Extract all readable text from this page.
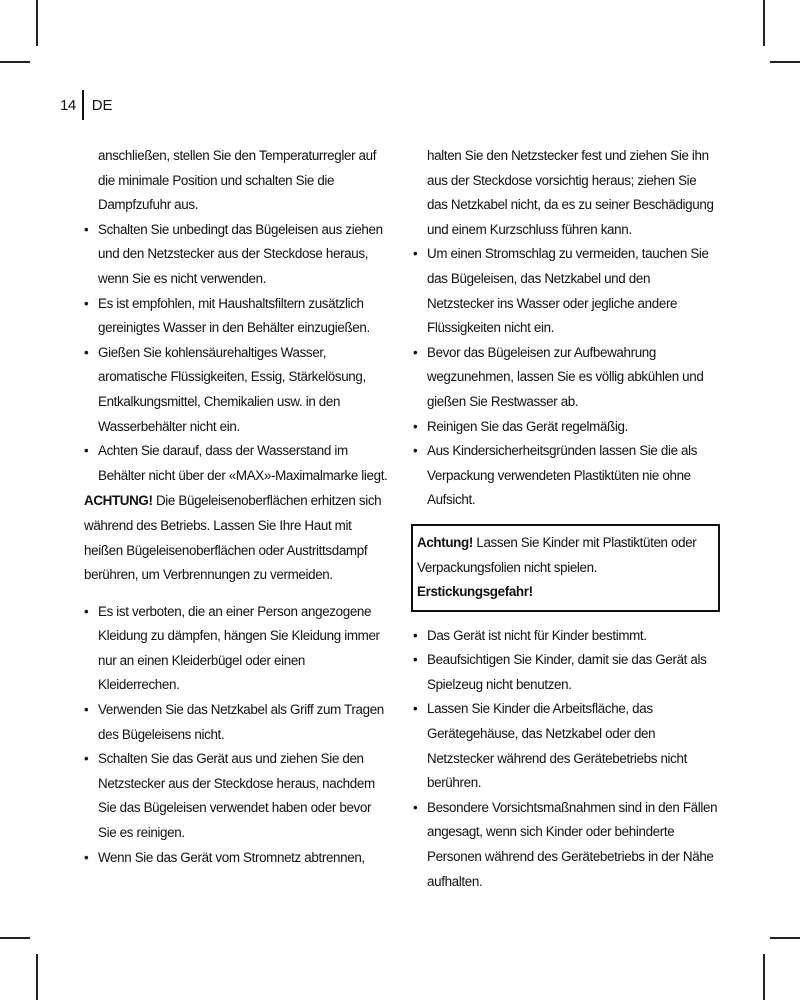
14 DE
anschließen, stellen Sie den Temperaturregler auf die minimale Position und schalten Sie die Dampfzufuhr aus.
• Schalten Sie unbedingt das Bügeleisen aus ziehen und den Netzstecker aus der Steckdose heraus, wenn Sie es nicht verwenden.
• Es ist empfohlen, mit Haushaltsfiltern zusätzlich gereinigtes Wasser in den Behälter einzugießen.
• Gießen Sie kohlensäurehaltiges Wasser, aromatische Flüssigkeiten, Essig, Stärkelösung, Entkalkungsmittel, Chemikalien usw. in den Wasserbehälter nicht ein.
• Achten Sie darauf, dass der Wasserstand im Behälter nicht über der «MAX»-Maximalmarke liegt.
ACHTUNG! Die Bügeleisenoberflächen erhitzen sich während des Betriebs. Lassen Sie Ihre Haut mit heißen Bügeleisenoberflächen oder Austrittsdampf berühren, um Verbrennungen zu vermeiden.
• Es ist verboten, die an einer Person angezogene Kleidung zu dämpfen, hängen Sie Kleidung immer nur an einen Kleiderbügel oder einen Kleiderrechen.
• Verwenden Sie das Netzkabel als Griff zum Tragen des Bügeleisens nicht.
• Schalten Sie das Gerät aus und ziehen Sie den Netzstecker aus der Steckdose heraus, nachdem Sie das Bügeleisen verwendet haben oder bevor Sie es reinigen.
• Wenn Sie das Gerät vom Stromnetz abtrennen,
halten Sie den Netzstecker fest und ziehen Sie ihn aus der Steckdose vorsichtig heraus; ziehen Sie das Netzkabel nicht, da es zu seiner Beschädigung und einem Kurzschluss führen kann.
• Um einen Stromschlag zu vermeiden, tauchen Sie das Bügeleisen, das Netzkabel und den Netzstecker ins Wasser oder jegliche andere Flüssigkeiten nicht ein.
• Bevor das Bügeleisen zur Aufbewahrung wegzunehmen, lassen Sie es völlig abkühlen und gießen Sie Restwasser ab.
• Reinigen Sie das Gerät regelmäßig.
• Aus Kindersicherheitsgründen lassen Sie die als Verpackung verwendeten Plastiktüten nie ohne Aufsicht.
Achtung! Lassen Sie Kinder mit Plastiktüten oder Verpackungsfolien nicht spielen. Erstickungsgefahr!
• Das Gerät ist nicht für Kinder bestimmt.
• Beaufsichtigen Sie Kinder, damit sie das Gerät als Spielzeug nicht benutzen.
• Lassen Sie Kinder die Arbeitsfläche, das Gerätegehäuse, das Netzkabel oder den Netzstecker während des Gerätebetriebs nicht berühren.
• Besondere Vorsichtsmaßnahmen sind in den Fällen angesagt, wenn sich Kinder oder behinderte Personen während des Gerätebetriebs in der Nähe aufhalten.
